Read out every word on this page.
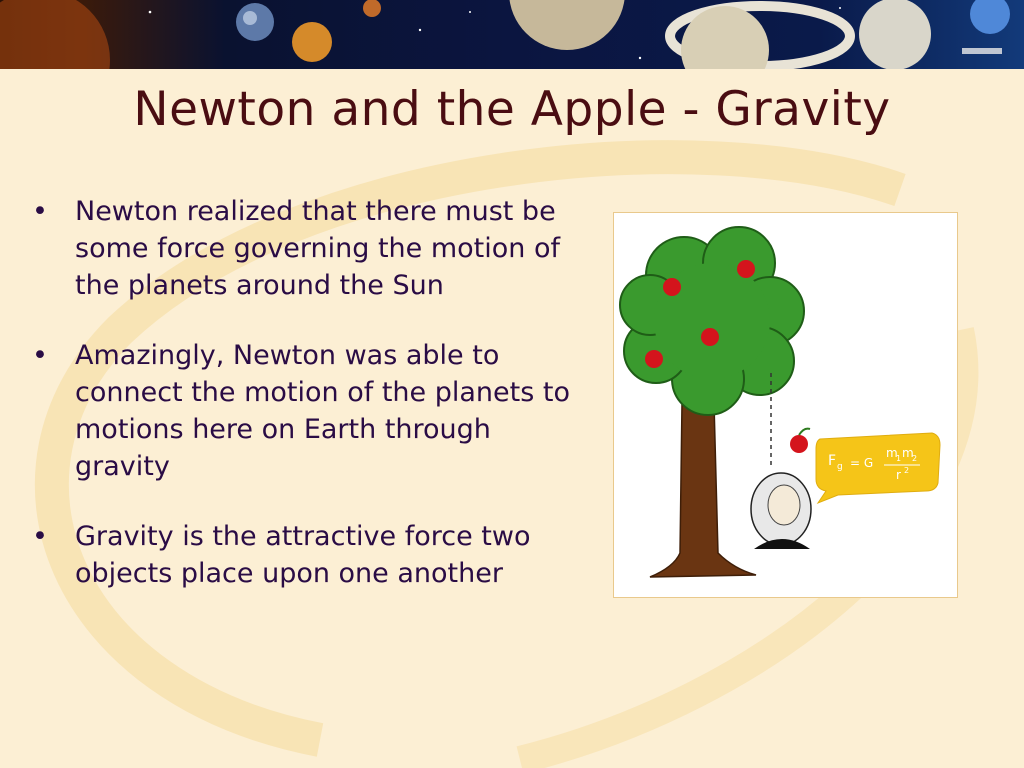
Newton and the Apple - Gravity
• Newton realized that there must be some force governing the motion of the planets around the Sun
• Amazingly, Newton was able to connect the motion of the planets to motions here on Earth through gravity
• Gravity is the attractive force two objects place upon one another
F g = G
m
1 m
2
r 2
